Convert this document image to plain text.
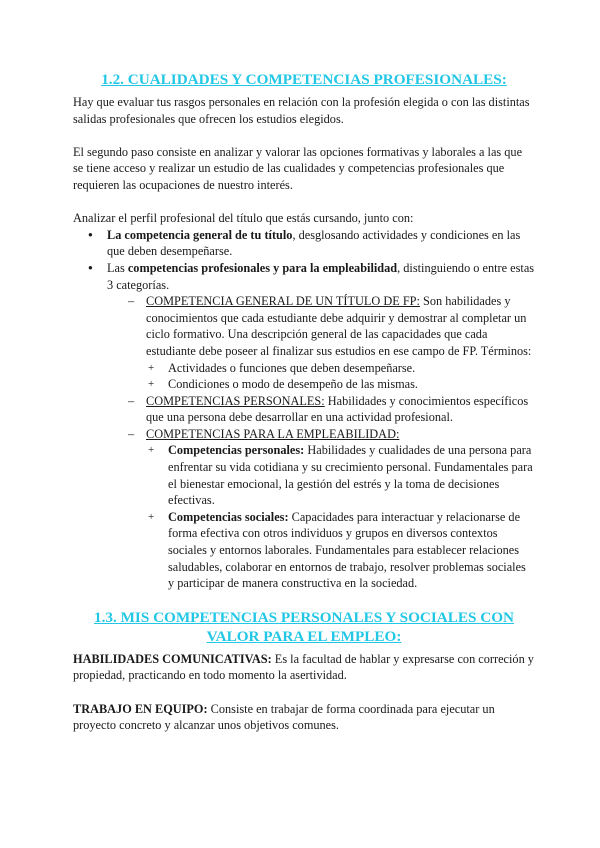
1.2. CUALIDADES Y COMPETENCIAS PROFESIONALES:

Hay que evaluar tus rasgos personales en relación con la profesión elegida o con las distintas salidas profesionales que ofrecen los estudios elegidos.

El segundo paso consiste en analizar y valorar las opciones formativas y laborales a las que se tiene acceso y realizar un estudio de las cualidades y competencias profesionales que requieren las ocupaciones de nuestro interés.

Analizar el perfil profesional del título que estás cursando, junto con:

● La competencia general de tu título, desglosando actividades y condiciones en las que deben desempeñarse.
● Las competencias profesionales y para la empleabilidad, distinguiendo o entre estas 3 categorías.
– COMPETENCIA GENERAL DE UN TÍTULO DE FP: Son habilidades y conocimientos que cada estudiante debe adquirir y demostrar al completar un ciclo formativo. Una descripción general de las capacidades que cada estudiante debe poseer al finalizar sus estudios en ese campo de FP. Términos:
+ Actividades o funciones que deben desempeñarse.
+ Condiciones o modo de desempeño de las mismas.
– COMPETENCIAS PERSONALES: Habilidades y conocimientos específicos que una persona debe desarrollar en una actividad profesional.
– COMPETENCIAS PARA LA EMPLEABILIDAD:
+ Competencias personales: Habilidades y cualidades de una persona para enfrentar su vida cotidiana y su crecimiento personal. Fundamentales para el bienestar emocional, la gestión del estrés y la toma de decisiones efectivas.
+ Competencias sociales: Capacidades para interactuar y relacionarse de forma efectiva con otros individuos y grupos en diversos contextos sociales y entornos laborales. Fundamentales para establecer relaciones saludables, colaborar en entornos de trabajo, resolver problemas sociales y participar de manera constructiva en la sociedad.
1.3. MIS COMPETENCIAS PERSONALES Y SOCIALES CON VALOR PARA EL EMPLEO:

HABILIDADES COMUNICATIVAS: Es la facultad de hablar y expresarse con correción y propiedad, practicando en todo momento la asertividad.

TRABAJO EN EQUIPO: Consiste en trabajar de forma coordinada para ejecutar un proyecto concreto y alcanzar unos objetivos comunes.
